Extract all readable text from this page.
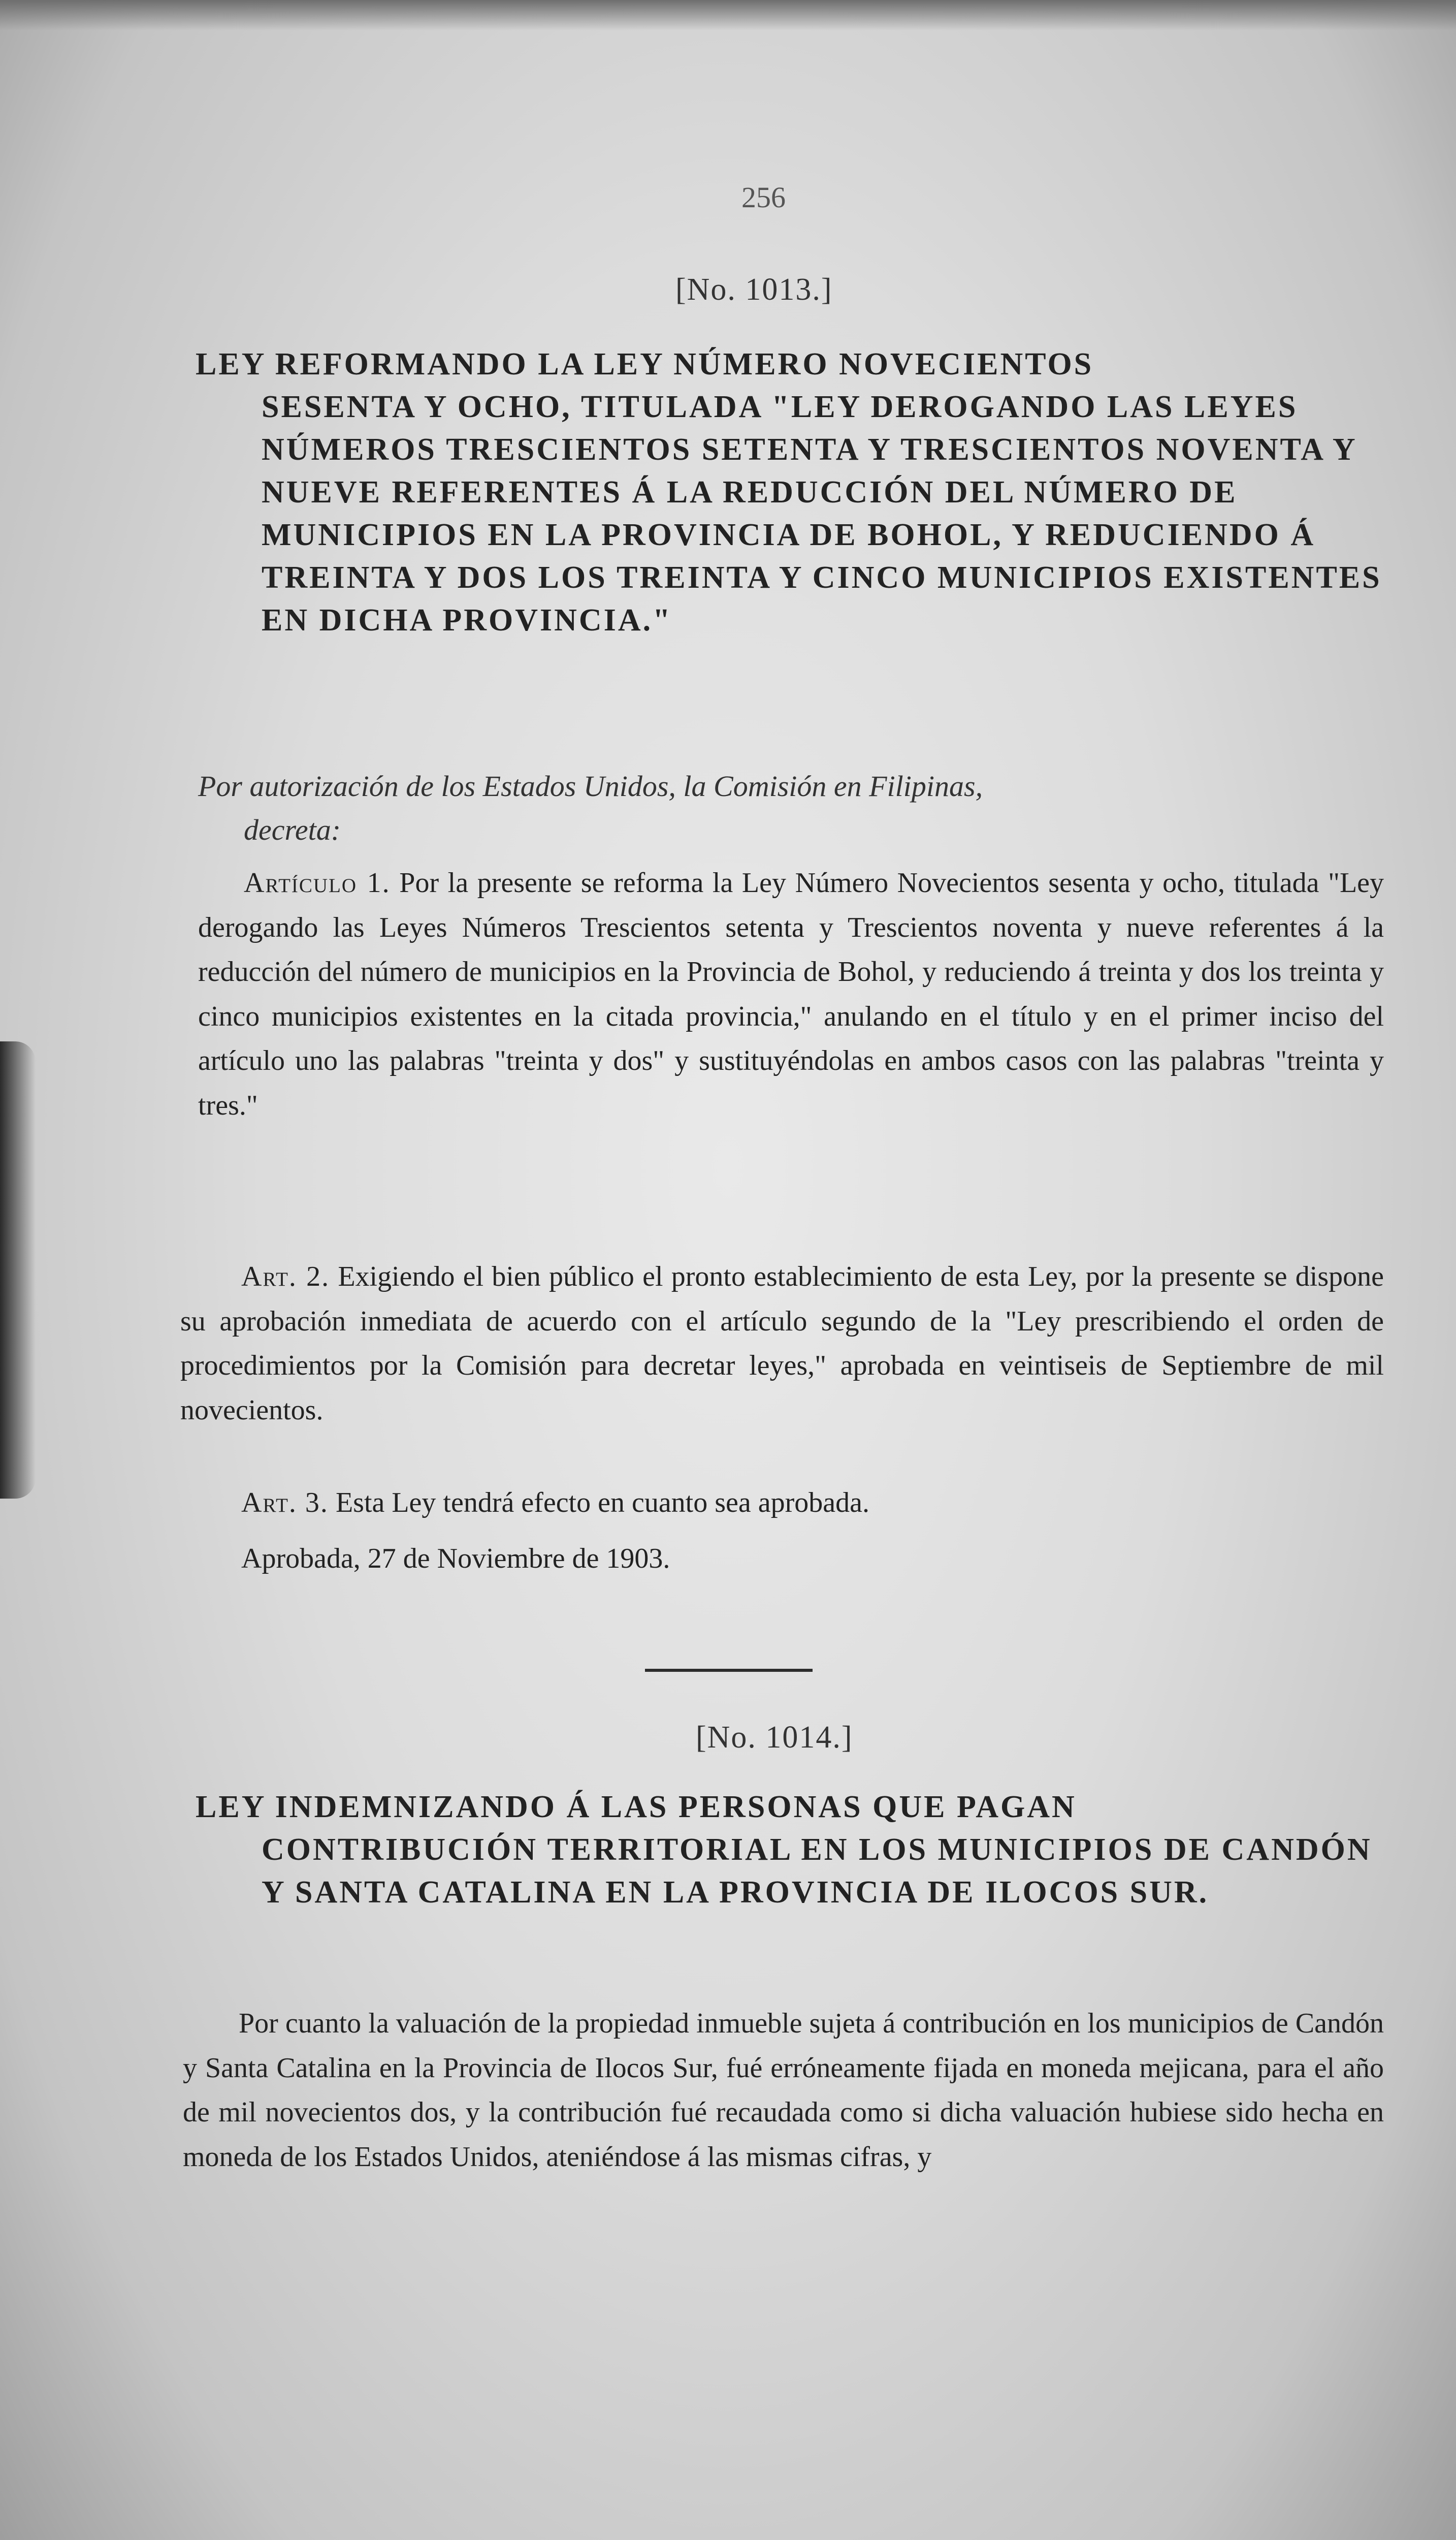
256
[No. 1013.]
LEY REFORMANDO LA LEY NÚMERO NOVECIENTOS
SESENTA Y OCHO, TITULADA "LEY DEROGANDO LAS LEYES NÚMEROS TRESCIENTOS SETENTA Y TRESCIENTOS NOVENTA Y NUEVE REFERENTES Á LA REDUCCIÓN DEL NÚMERO DE MUNICIPIOS EN LA PROVINCIA DE BOHOL, Y REDUCIENDO Á TREINTA Y DOS LOS TREINTA Y CINCO MUNICIPIOS EXISTENTES EN DICHA PROVINCIA."

Por autorización de los Estados Unidos, la Comisión en Filipinas,
decreta:

Artículo 1. Por la presente se reforma la Ley Número Novecientos sesenta y ocho, titulada "Ley derogando las Leyes Números Trescientos setenta y Trescientos noventa y nueve referentes á la reducción del número de municipios en la Provincia de Bohol, y reduciendo á treinta y dos los treinta y cinco municipios existentes en la citada provincia," anulando en el título y en el primer inciso del artículo uno las palabras "treinta y dos" y sustituyéndolas en ambos casos con las palabras "treinta y tres."

Art. 2. Exigiendo el bien público el pronto establecimiento de esta Ley, por la presente se dispone su aprobación inmediata de acuerdo con el artículo segundo de la "Ley prescribiendo el orden de procedimientos por la Comisión para decretar leyes," aprobada en veintiseis de Septiembre de mil novecientos.

Art. 3. Esta Ley tendrá efecto en cuanto sea aprobada.

Aprobada, 27 de Noviembre de 1903.

[No. 1014.]
LEY INDEMNIZANDO Á LAS PERSONAS QUE PAGAN
CONTRIBUCIÓN TERRITORIAL EN LOS MUNICIPIOS DE CANDÓN Y SANTA CATALINA EN LA PROVINCIA DE ILOCOS SUR.

Por cuanto la valuación de la propiedad inmueble sujeta á contribución en los municipios de Candón y Santa Catalina en la Provincia de Ilocos Sur, fué erróneamente fijada en moneda mejicana, para el año de mil novecientos dos, y la contribución fué recaudada como si dicha valuación hubiese sido hecha en moneda de los Estados Unidos, ateniéndose á las mismas cifras, y
